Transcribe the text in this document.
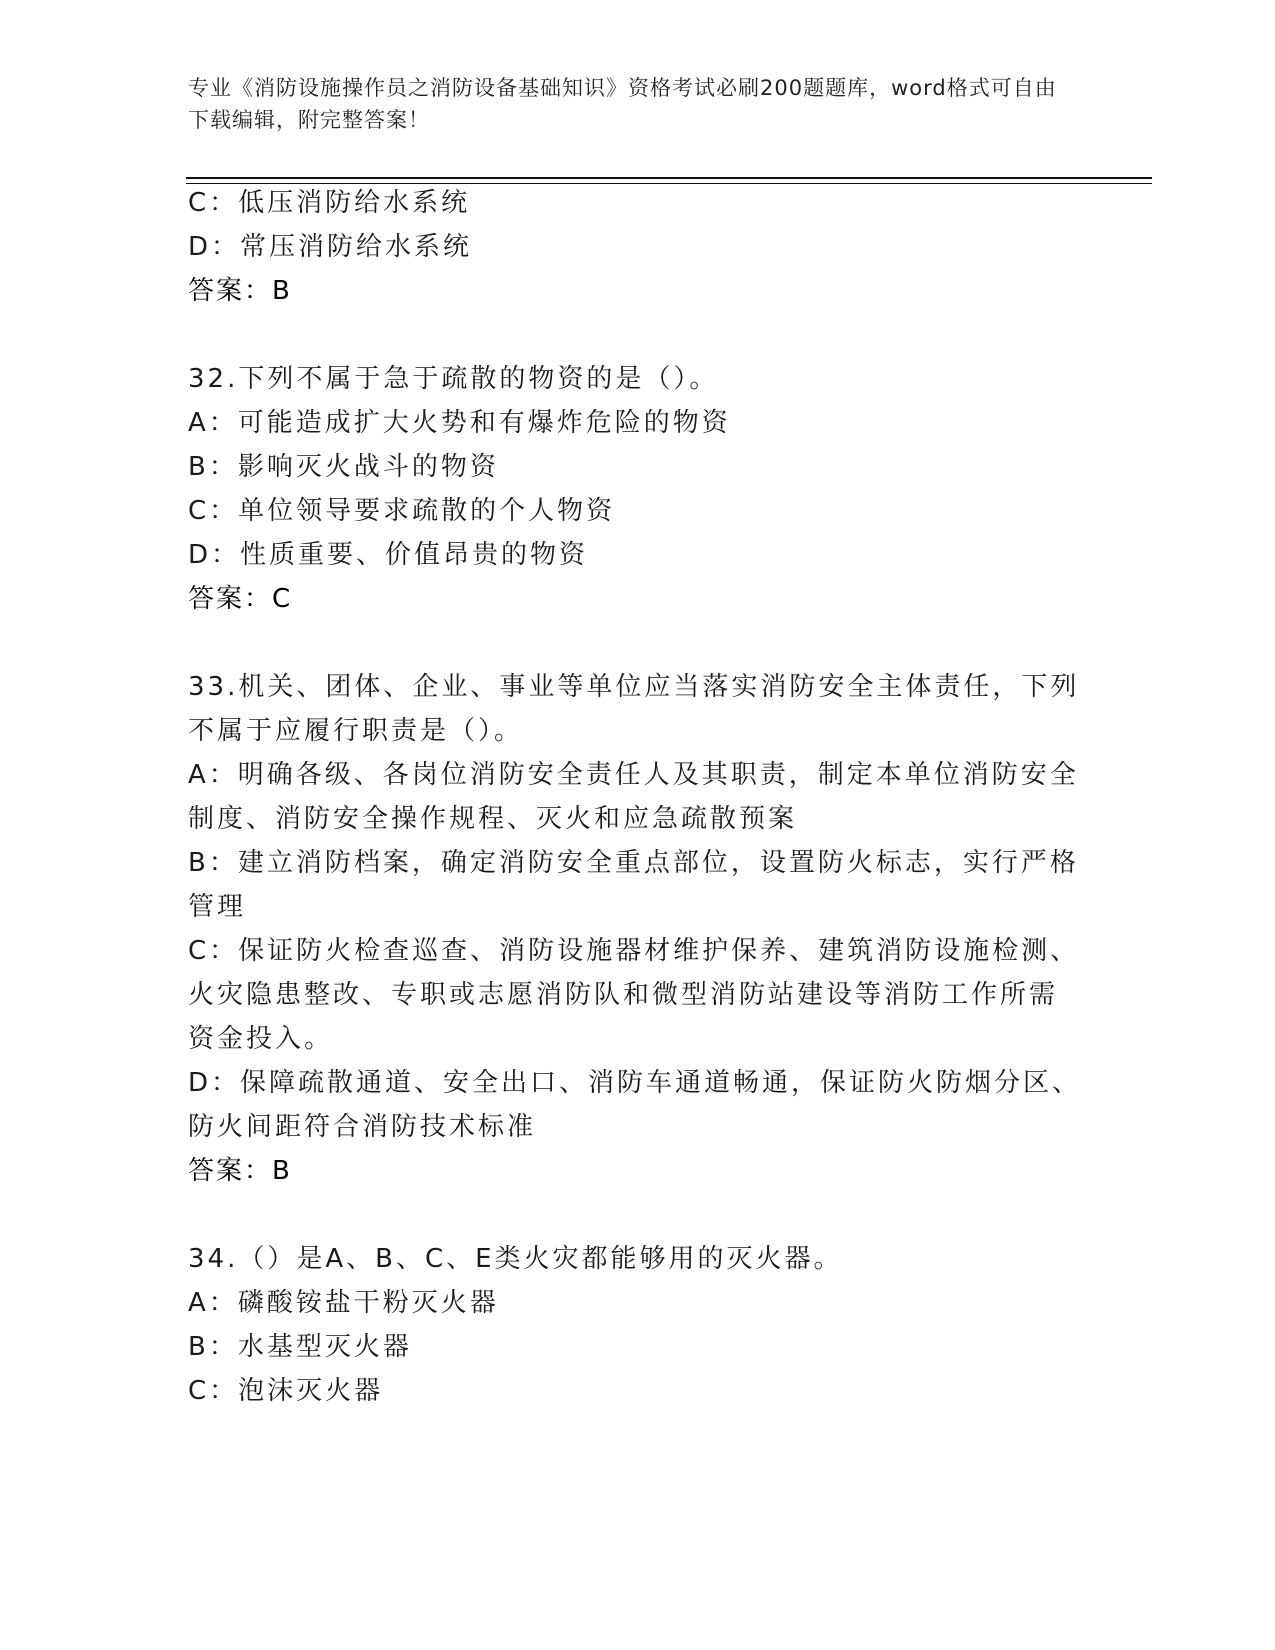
专业《消防设施操作员之消防设备基础知识》资格考试必刷200题题库，word格式可自由下载编辑，附完整答案！
C：低压消防给水系统
D：常压消防给水系统
答案：B
32.下列不属于急于疏散的物资的是（）。
A：可能造成扩大火势和有爆炸危险的物资
B：影响灭火战斗的物资
C：单位领导要求疏散的个人物资
D：性质重要、价值昂贵的物资
答案：C
33.机关、团体、企业、事业等单位应当落实消防安全主体责任，下列
不属于应履行职责是（）。
A：明确各级、各岗位消防安全责任人及其职责，制定本单位消防安全
制度、消防安全操作规程、灭火和应急疏散预案
B：建立消防档案，确定消防安全重点部位，设置防火标志，实行严格
管理
C：保证防火检查巡查、消防设施器材维护保养、建筑消防设施检测、
火灾隐患整改、专职或志愿消防队和微型消防站建设等消防工作所需
资金投入。
D：保障疏散通道、安全出口、消防车通道畅通，保证防火防烟分区、
防火间距符合消防技术标准
答案：B
34.（）是A、B、C、E类火灾都能够用的灭火器。
A：磷酸铵盐干粉灭火器
B：水基型灭火器
C：泡沫灭火器
